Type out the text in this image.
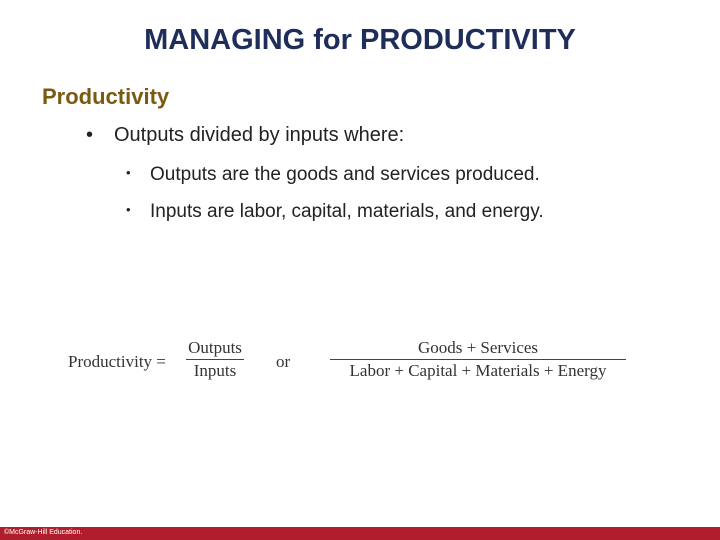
MANAGING for PRODUCTIVITY
Productivity
• Outputs divided by inputs where:
• Outputs are the goods and services produced.
• Inputs are labor, capital, materials, and energy.
Productivity =
Outputs
Inputs	or
Goods + Services
Labor + Capital + Materials + Energy
©McGraw-Hill Education.
